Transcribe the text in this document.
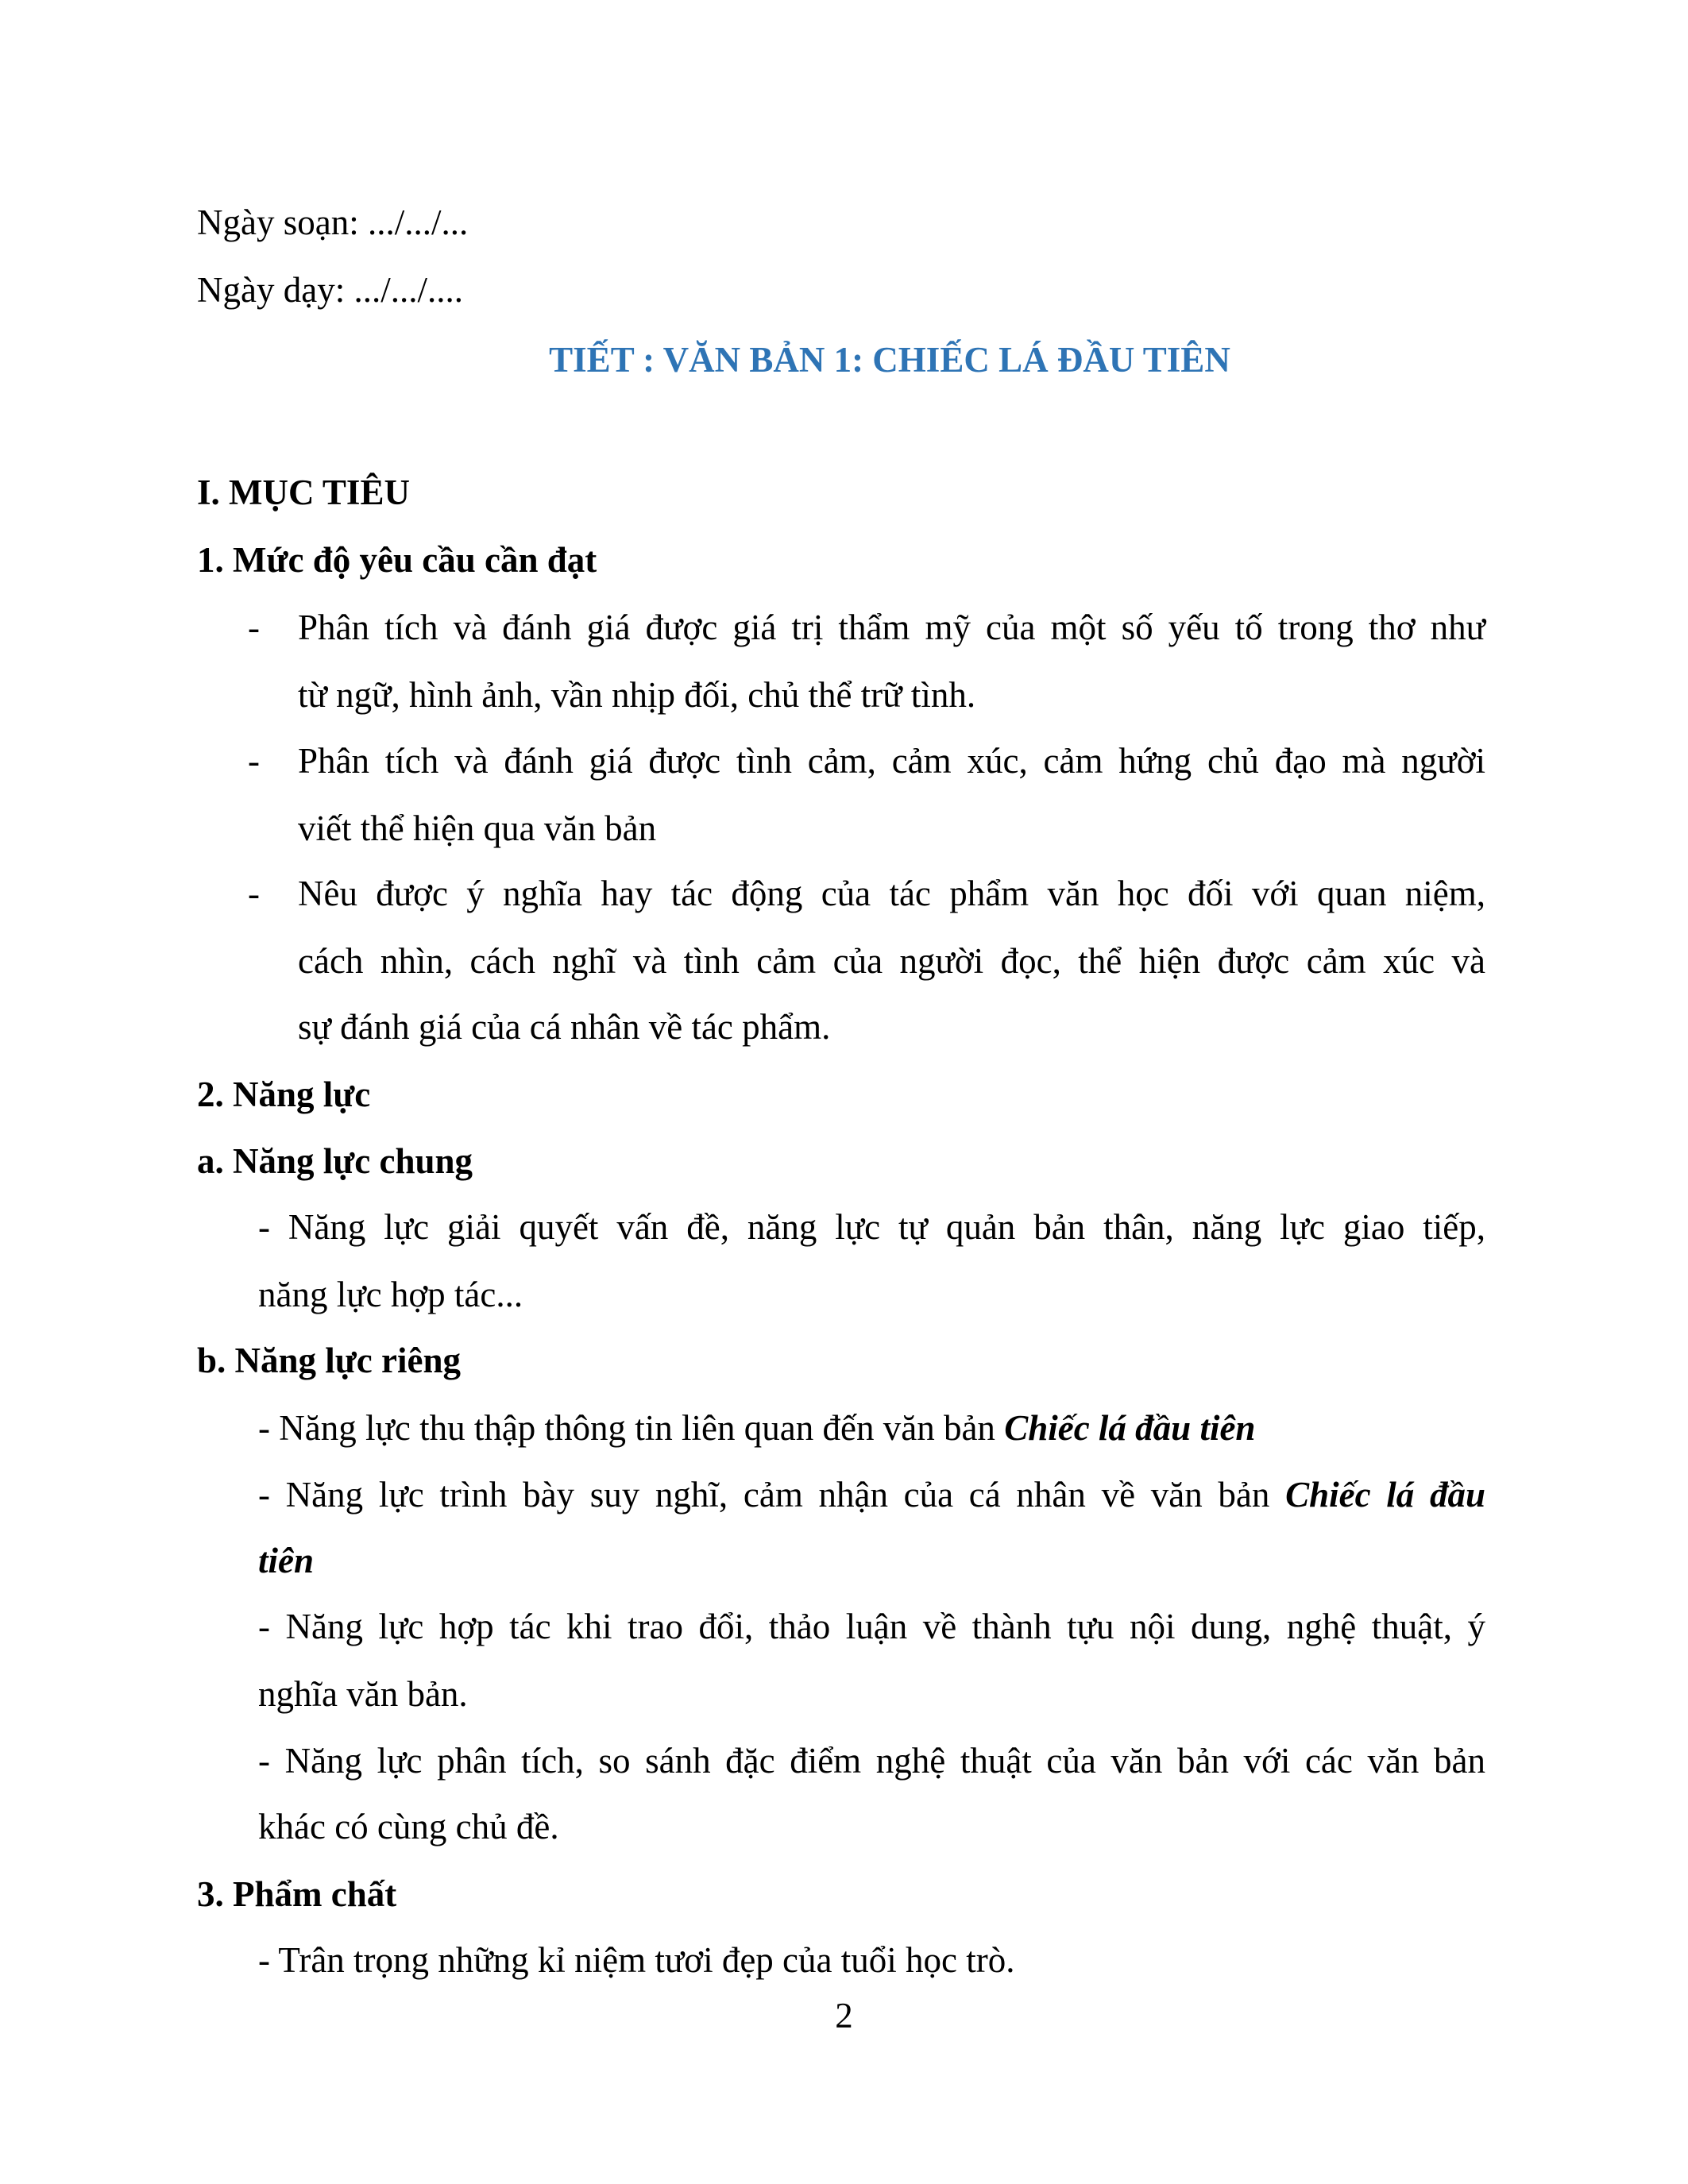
Ngày soạn: .../.../...
Ngày dạy: .../.../....
TIẾT : VĂN BẢN 1: CHIẾC LÁ ĐẦU TIÊN
I. MỤC TIÊU
1. Mức độ yêu cầu cần đạt
- Phân tích và đánh giá được giá trị thẩm mỹ của một số yếu tố trong thơ như
từ ngữ, hình ảnh, vần nhịp đối, chủ thể trữ tình.
- Phân tích và đánh giá được tình cảm, cảm xúc, cảm hứng chủ đạo mà người
viết thể hiện qua văn bản
- Nêu được ý nghĩa hay tác động của tác phẩm văn học đối với quan niệm,
cách nhìn, cách nghĩ và tình cảm của người đọc, thể hiện được cảm xúc và
sự đánh giá của cá nhân về tác phẩm.
2. Năng lực
a. Năng lực chung
- Năng lực giải quyết vấn đề, năng lực tự quản bản thân, năng lực giao tiếp,
năng lực hợp tác...
b. Năng lực riêng
- Năng lực thu thập thông tin liên quan đến văn bản Chiếc lá đầu tiên
- Năng lực trình bày suy nghĩ, cảm nhận của cá nhân về văn bản Chiếc lá đầu
tiên
- Năng lực hợp tác khi trao đổi, thảo luận về thành tựu nội dung, nghệ thuật, ý
nghĩa văn bản.
- Năng lực phân tích, so sánh đặc điểm nghệ thuật của văn bản với các văn bản
khác có cùng chủ đề.
3. Phẩm chất
- Trân trọng những kỉ niệm tươi đẹp của tuổi học trò.
2
